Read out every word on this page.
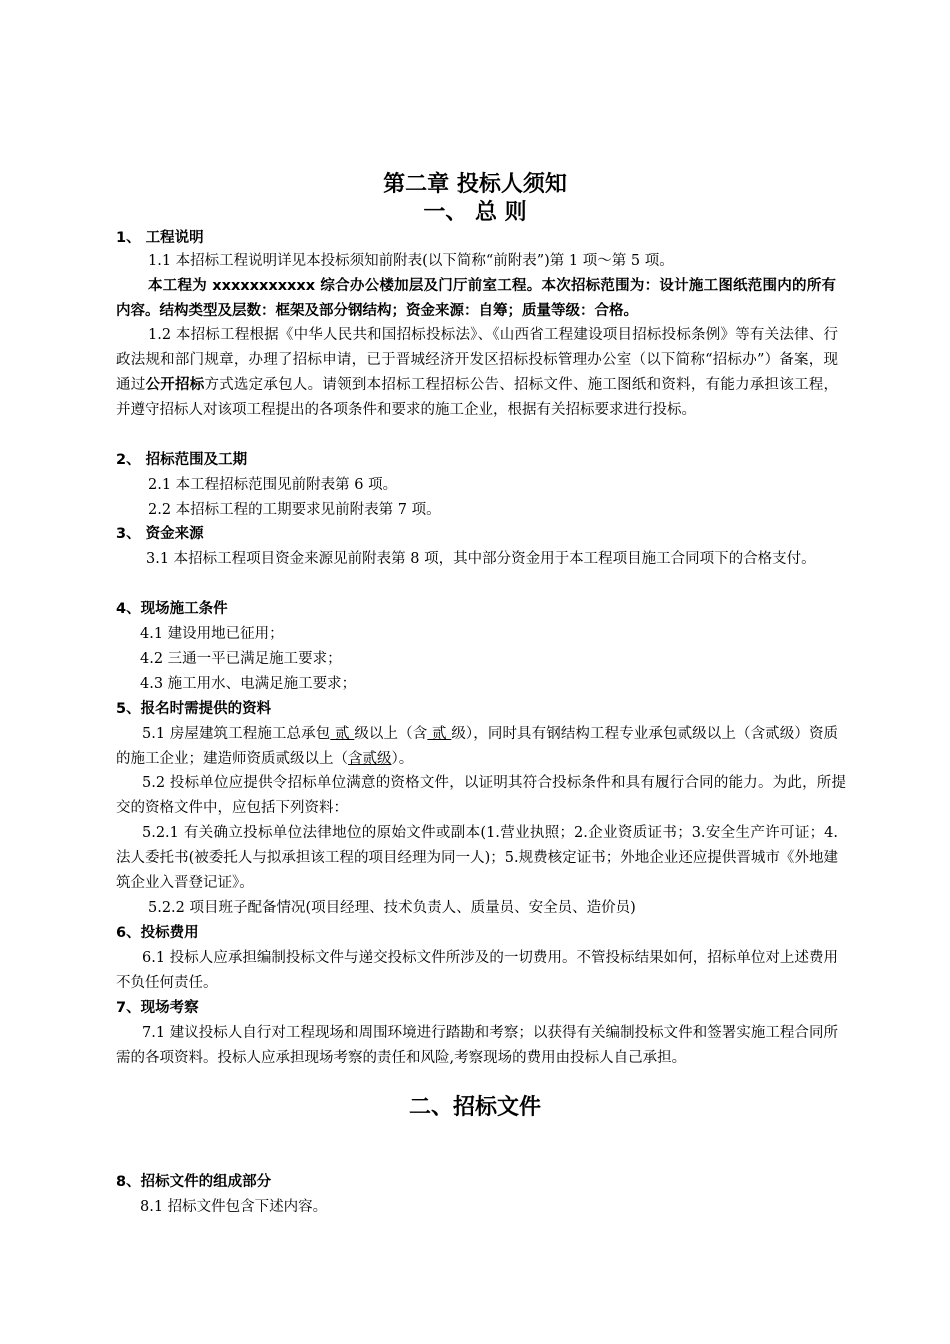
第二章 投标人须知
一、 总 则
1、 工程说明
1.1 本招标工程说明详见本投标须知前附表(以下简称“前附表”)第 1 项～第 5 项。
本工程为 xxxxxxxxxxx 综合办公楼加层及门厅前室工程。本次招标范围为：设计施工图纸范围内的所有内容。结构类型及层数：框架及部分钢结构；资金来源：自筹；质量等级：合格。
1.2 本招标工程根据《中华人民共和国招标投标法》、《山西省工程建设项目招标投标条例》等有关法律、行政法规和部门规章，办理了招标申请，已于晋城经济开发区招标投标管理办公室（以下简称“招标办”）备案，现通过公开招标方式选定承包人。请领到本招标工程招标公告、招标文件、施工图纸和资料，有能力承担该工程，并遵守招标人对该项工程提出的各项条件和要求的施工企业，根据有关招标要求进行投标。
2、 招标范围及工期
2.1 本工程招标范围见前附表第 6 项。
2.2 本招标工程的工期要求见前附表第 7 项。
3、 资金来源
3.1 本招标工程项目资金来源见前附表第 8 项，其中部分资金用于本工程项目施工合同项下的合格支付。
4、现场施工条件
4.1 建设用地已征用；
4.2 三通一平已满足施工要求；
4.3 施工用水、电满足施工要求；
5、报名时需提供的资料
5.1 房屋建筑工程施工总承包 贰 级以上（含 贰 级），同时具有钢结构工程专业承包贰级以上（含贰级）资质的施工企业；建造师资质贰级以上（含贰级）。
5.2 投标单位应提供令招标单位满意的资格文件，以证明其符合投标条件和具有履行合同的能力。为此，所提交的资格文件中，应包括下列资料：
5.2.1 有关确立投标单位法律地位的原始文件或副本(1.营业执照；2.企业资质证书；3.安全生产许可证；4.法人委托书(被委托人与拟承担该工程的项目经理为同一人)；5.规费核定证书；外地企业还应提供晋城市《外地建筑企业入晋登记证》。
5.2.2 项目班子配备情况(项目经理、技术负责人、质量员、安全员、造价员)
6、投标费用
6.1 投标人应承担编制投标文件与递交投标文件所涉及的一切费用。不管投标结果如何，招标单位对上述费用不负任何责任。
7、现场考察
7.1 建议投标人自行对工程现场和周围环境进行踏勘和考察；以获得有关编制投标文件和签署实施工程合同所需的各项资料。投标人应承担现场考察的责任和风险,考察现场的费用由投标人自己承担。
二、招标文件
8、招标文件的组成部分
8.1 招标文件包含下述内容。
